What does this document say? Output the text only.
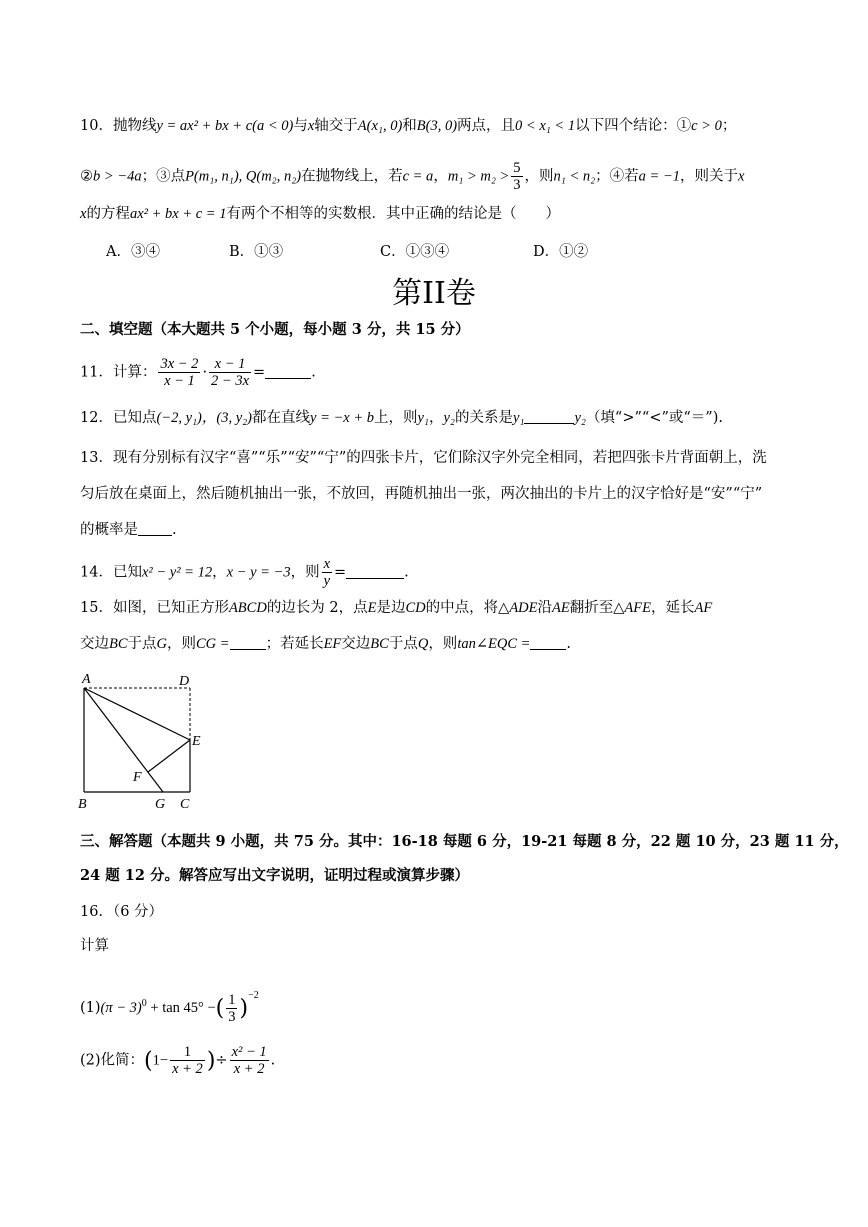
10．抛物线y = ax² + bx + c(a < 0)与x轴交于A(x₁, 0)和B(3, 0)两点，且0 < x₁ < 1以下四个结论：①c > 0；
②b > −4a；③点P(m₁, n₁), Q(m₂, n₂)在抛物线上，若c = a，$m_1 > m_2 > \frac{5}{3}$ ，则n₁ < n₂；④若a = −1，则关于x
x的方程ax² + bx + c = 1有两个不相等的实数根．其中正确的结论是（　　）
A．③④	B．①③	C．①③④	D．①②
第II卷
二、填空题（本大题共 5 个小题，每小题 3 分，共 15 分）
11．计算： $\frac{3x - 2}{x - 1} \cdot \frac{x - 1}{2 - 3x}$ =	.
12．已知点(−2, y₁)，(3, y₂)都在直线y = −x + b上，则y₁，y₂的关系是y₁	y₂（填“>”“<”或“＝”).
13．现有分别标有汉字“喜”“乐”“安”“宁”的四张卡片，它们除汉字外完全相同，若把四张卡片背面朝上，洗
匀后放在桌面上，然后随机抽出一张，不放回，再随机抽出一张，两次抽出的卡片上的汉字恰好是“安”“宁”
的概率是 .
14．已知x² − y² = 12，x − y = −3，则 $\frac{x}{y}$ =	.
15．如图，已知正方形ABCD的边长为 2，点E是边CD的中点，将△ADE沿AE翻折至△AFE，延长AF
交边BC于点G，则CG = ；若延长EF交边BC于点Q，则tan∠EQC = .
A	D
E
F
B	G C
三、解答题（本题共 9 小题，共 75 分。其中：16-18 每题 6 分，19-21 每题 8 分，22 题 10 分，23 题 11 分，
24 题 12 分。解答应写出文字说明，证明过程或演算步骤）
16．（6 分）
计算
$(1)(\pi - 3)^0 + \tan 45^\circ$ −( $\frac{1}{3} )^{-2}$
(2)化简：($1- \frac{1}{x + 2}$ )÷ $\frac{\text{x² − 1}}{x + 2}$ .
